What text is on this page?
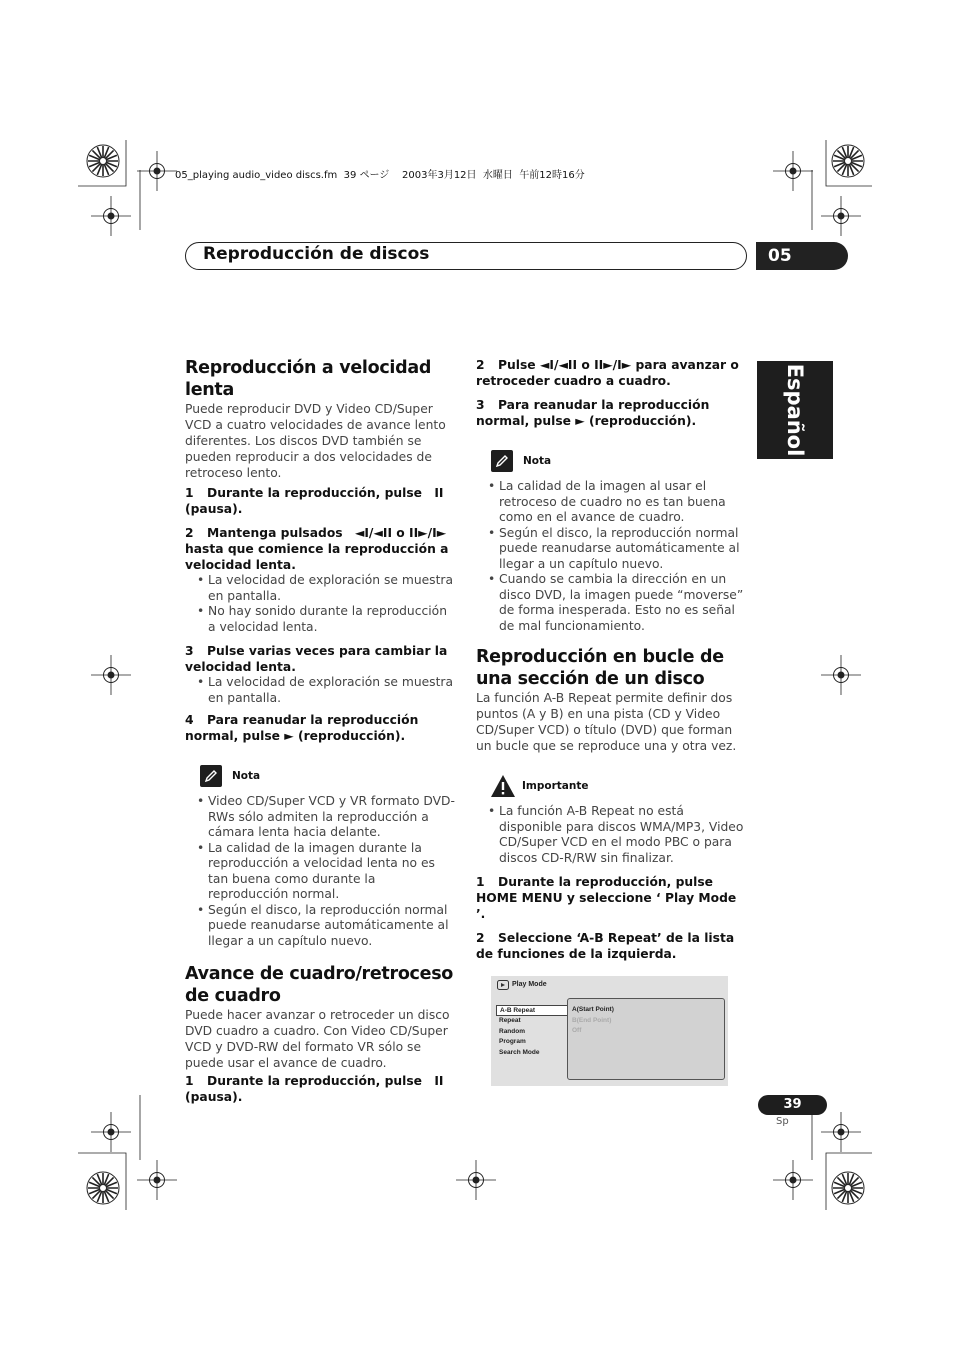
05_playing audio_video discs.fm  39 ページ    2003年3月12日  水曜日  午前12時16分
Reproducción de discos	05
Español
Reproducción a velocidad lenta
Puede reproducir DVD y Video CD/Super VCD a cuatro velocidades de avance lento diferentes. Los discos DVD también se pueden reproducir a dos velocidades de retroceso lento.
1 Durante la reproducción, pulse II (pausa).
2 Mantenga pulsados ◄I/◄II o II►/I► hasta que comience la reproducción a velocidad lenta.
• La velocidad de exploración se muestra en pantalla.
• No hay sonido durante la reproducción a velocidad lenta.
3 Pulse varias veces para cambiar la velocidad lenta.
• La velocidad de exploración se muestra en pantalla.
4 Para reanudar la reproducción normal, pulse ► (reproducción).
Nota
• Video CD/Super VCD y VR formato DVD-RWs sólo admiten la reproducción a cámara lenta hacia delante.
• La calidad de la imagen durante la reproducción a velocidad lenta no es tan buena como durante la reproducción normal.
• Según el disco, la reproducción normal puede reanudarse automáticamente al llegar a un capítulo nuevo.
Avance de cuadro/retroceso de cuadro
Puede hacer avanzar o retroceder un disco DVD cuadro a cuadro. Con Video CD/Super VCD y DVD-RW del formato VR sólo se puede usar el avance de cuadro.
1 Durante la reproducción, pulse II (pausa).
2 Pulse ◄I/◄II o II►/I► para avanzar o retroceder cuadro a cuadro.
3 Para reanudar la reproducción normal, pulse ► (reproducción).
Nota
• La calidad de la imagen al usar el retroceso de cuadro no es tan buena como en el avance de cuadro.
• Según el disco, la reproducción normal puede reanudarse automáticamente al llegar a un capítulo nuevo.
• Cuando se cambia la dirección en un disco DVD, la imagen puede “moverse” de forma inesperada. Esto no es señal de mal funcionamiento.
Reproducción en bucle de una sección de un disco
La función A-B Repeat permite definir dos puntos (A y B) en una pista (CD y Video CD/Super VCD) o título (DVD) que forman un bucle que se reproduce una y otra vez.
Importante
• La función A-B Repeat no está disponible para discos WMA/MP3, Video CD/Super VCD en el modo PBC o para discos CD-R/RW sin finalizar.
1 Durante la reproducción, pulse HOME MENU y seleccione ‘ Play Mode ’.
2 Seleccione ‘A-B Repeat’ de la lista de funciones de la izquierda.
Play Mode
A-B Repeat
Repeat
Random
Program
Search Mode
A(Start Point)
B(End Point)
Off
39
Sp
